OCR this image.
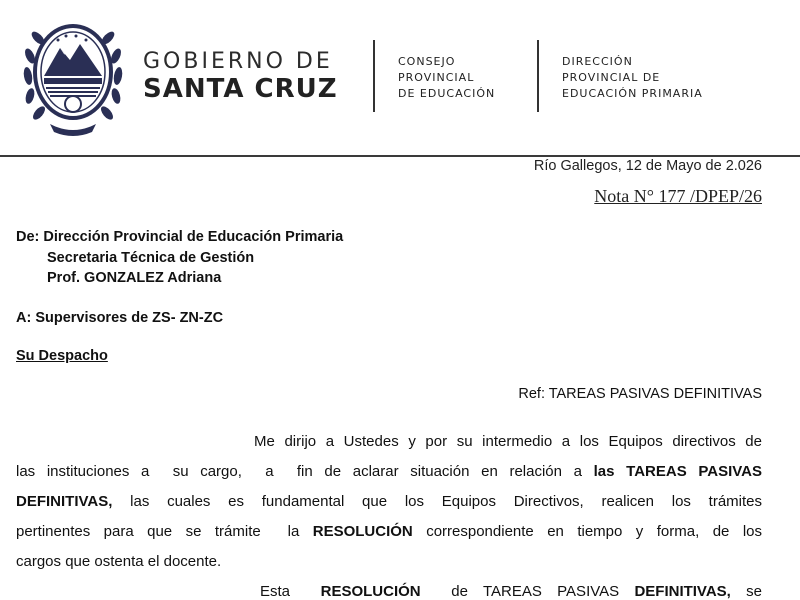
GOBIERNO DE
SANTA CRUZ
CONSEJO
PROVINCIAL
DE EDUCACIÓN
DIRECCIÓN
PROVINCIAL DE
EDUCACIÓN PRIMARIA
Río Gallegos, 12 de Mayo de 2.026
Nota N° 177 /DPEP/26
De: Dirección Provincial de Educación Primaria
Secretaria Técnica de Gestión
Prof. GONZALEZ Adriana
A: Supervisores de ZS- ZN-ZC
Su Despacho
Ref: TAREAS PASIVAS DEFINITIVAS
Me dirijo a Ustedes y por su intermedio a los Equipos directivos de
las instituciones a  su cargo,  a  fin de aclarar situación en relación a las TAREAS PASIVAS
DEFINITIVAS, las cuales es fundamental que los Equipos Directivos, realicen los trámites
pertinentes para que se trámite  la RESOLUCIÓN correspondiente en tiempo y forma, de los
cargos que ostenta el docente.
Esta  RESOLUCIÓN  de TAREAS PASIVAS DEFINITIVAS, se
